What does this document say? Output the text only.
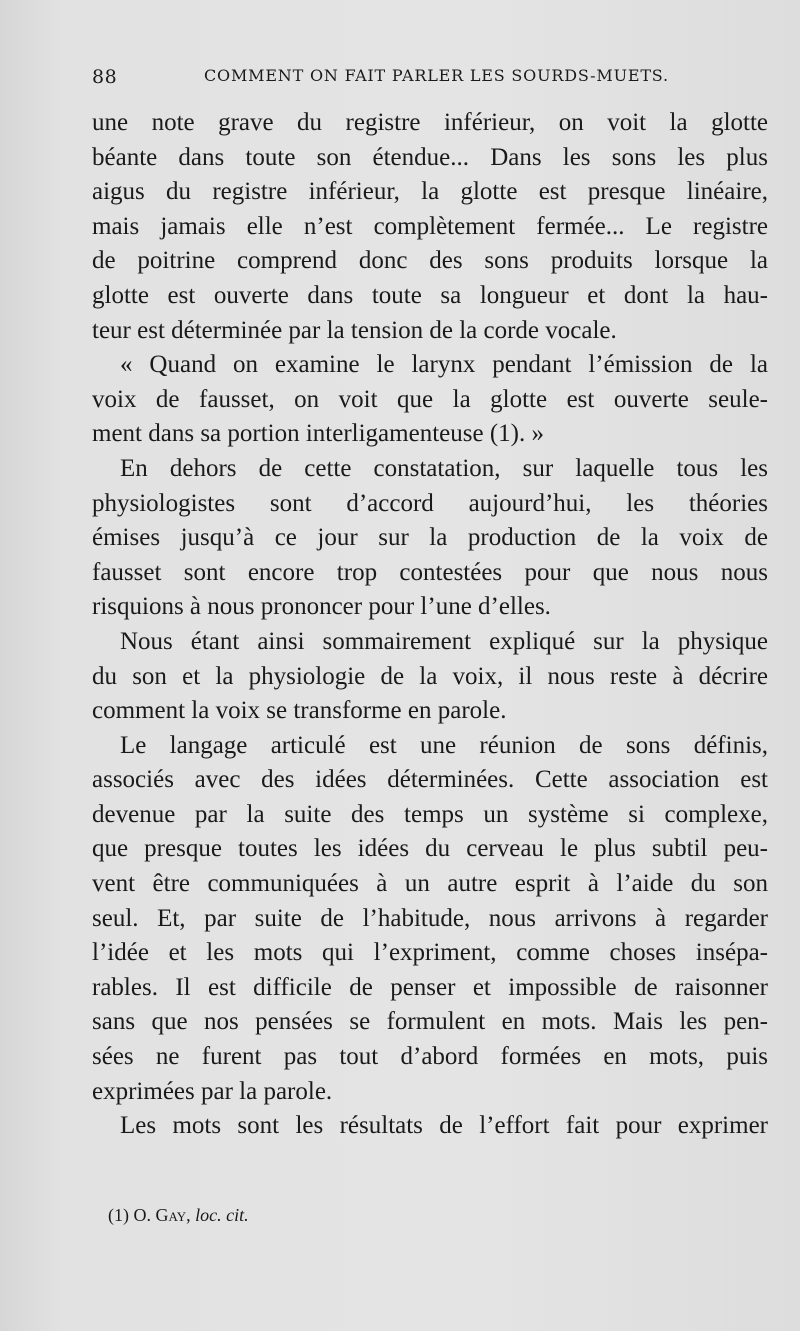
88	COMMENT ON FAIT PARLER LES SOURDS-MUETS.
une note grave du registre inférieur, on voit la glotte
béante dans toute son étendue... Dans les sons les plus
aigus du registre inférieur, la glotte est presque linéaire,
mais jamais elle n’est complètement fermée... Le registre
de poitrine comprend donc des sons produits lorsque la
glotte est ouverte dans toute sa longueur et dont la hau-
teur est déterminée par la tension de la corde vocale.
« Quand on examine le larynx pendant l’émission de la
voix de fausset, on voit que la glotte est ouverte seule-
ment dans sa portion interligamenteuse (1). »
En dehors de cette constatation, sur laquelle tous les
physiologistes sont d’accord aujourd’hui, les théories
émises jusqu’à ce jour sur la production de la voix de
fausset sont encore trop contestées pour que nous nous
risquions à nous prononcer pour l’une d’elles.
Nous étant ainsi sommairement expliqué sur la physique
du son et la physiologie de la voix, il nous reste à décrire
comment la voix se transforme en parole.
Le langage articulé est une réunion de sons définis,
associés avec des idées déterminées. Cette association est
devenue par la suite des temps un système si complexe,
que presque toutes les idées du cerveau le plus subtil peu-
vent être communiquées à un autre esprit à l’aide du son
seul. Et, par suite de l’habitude, nous arrivons à regarder
l’idée et les mots qui l’expriment, comme choses insépa-
rables. Il est difficile de penser et impossible de raisonner
sans que nos pensées se formulent en mots. Mais les pen-
sées ne furent pas tout d’abord formées en mots, puis
exprimées par la parole.
Les mots sont les résultats de l’effort fait pour exprimer
(1) O. Gay, loc. cit.
